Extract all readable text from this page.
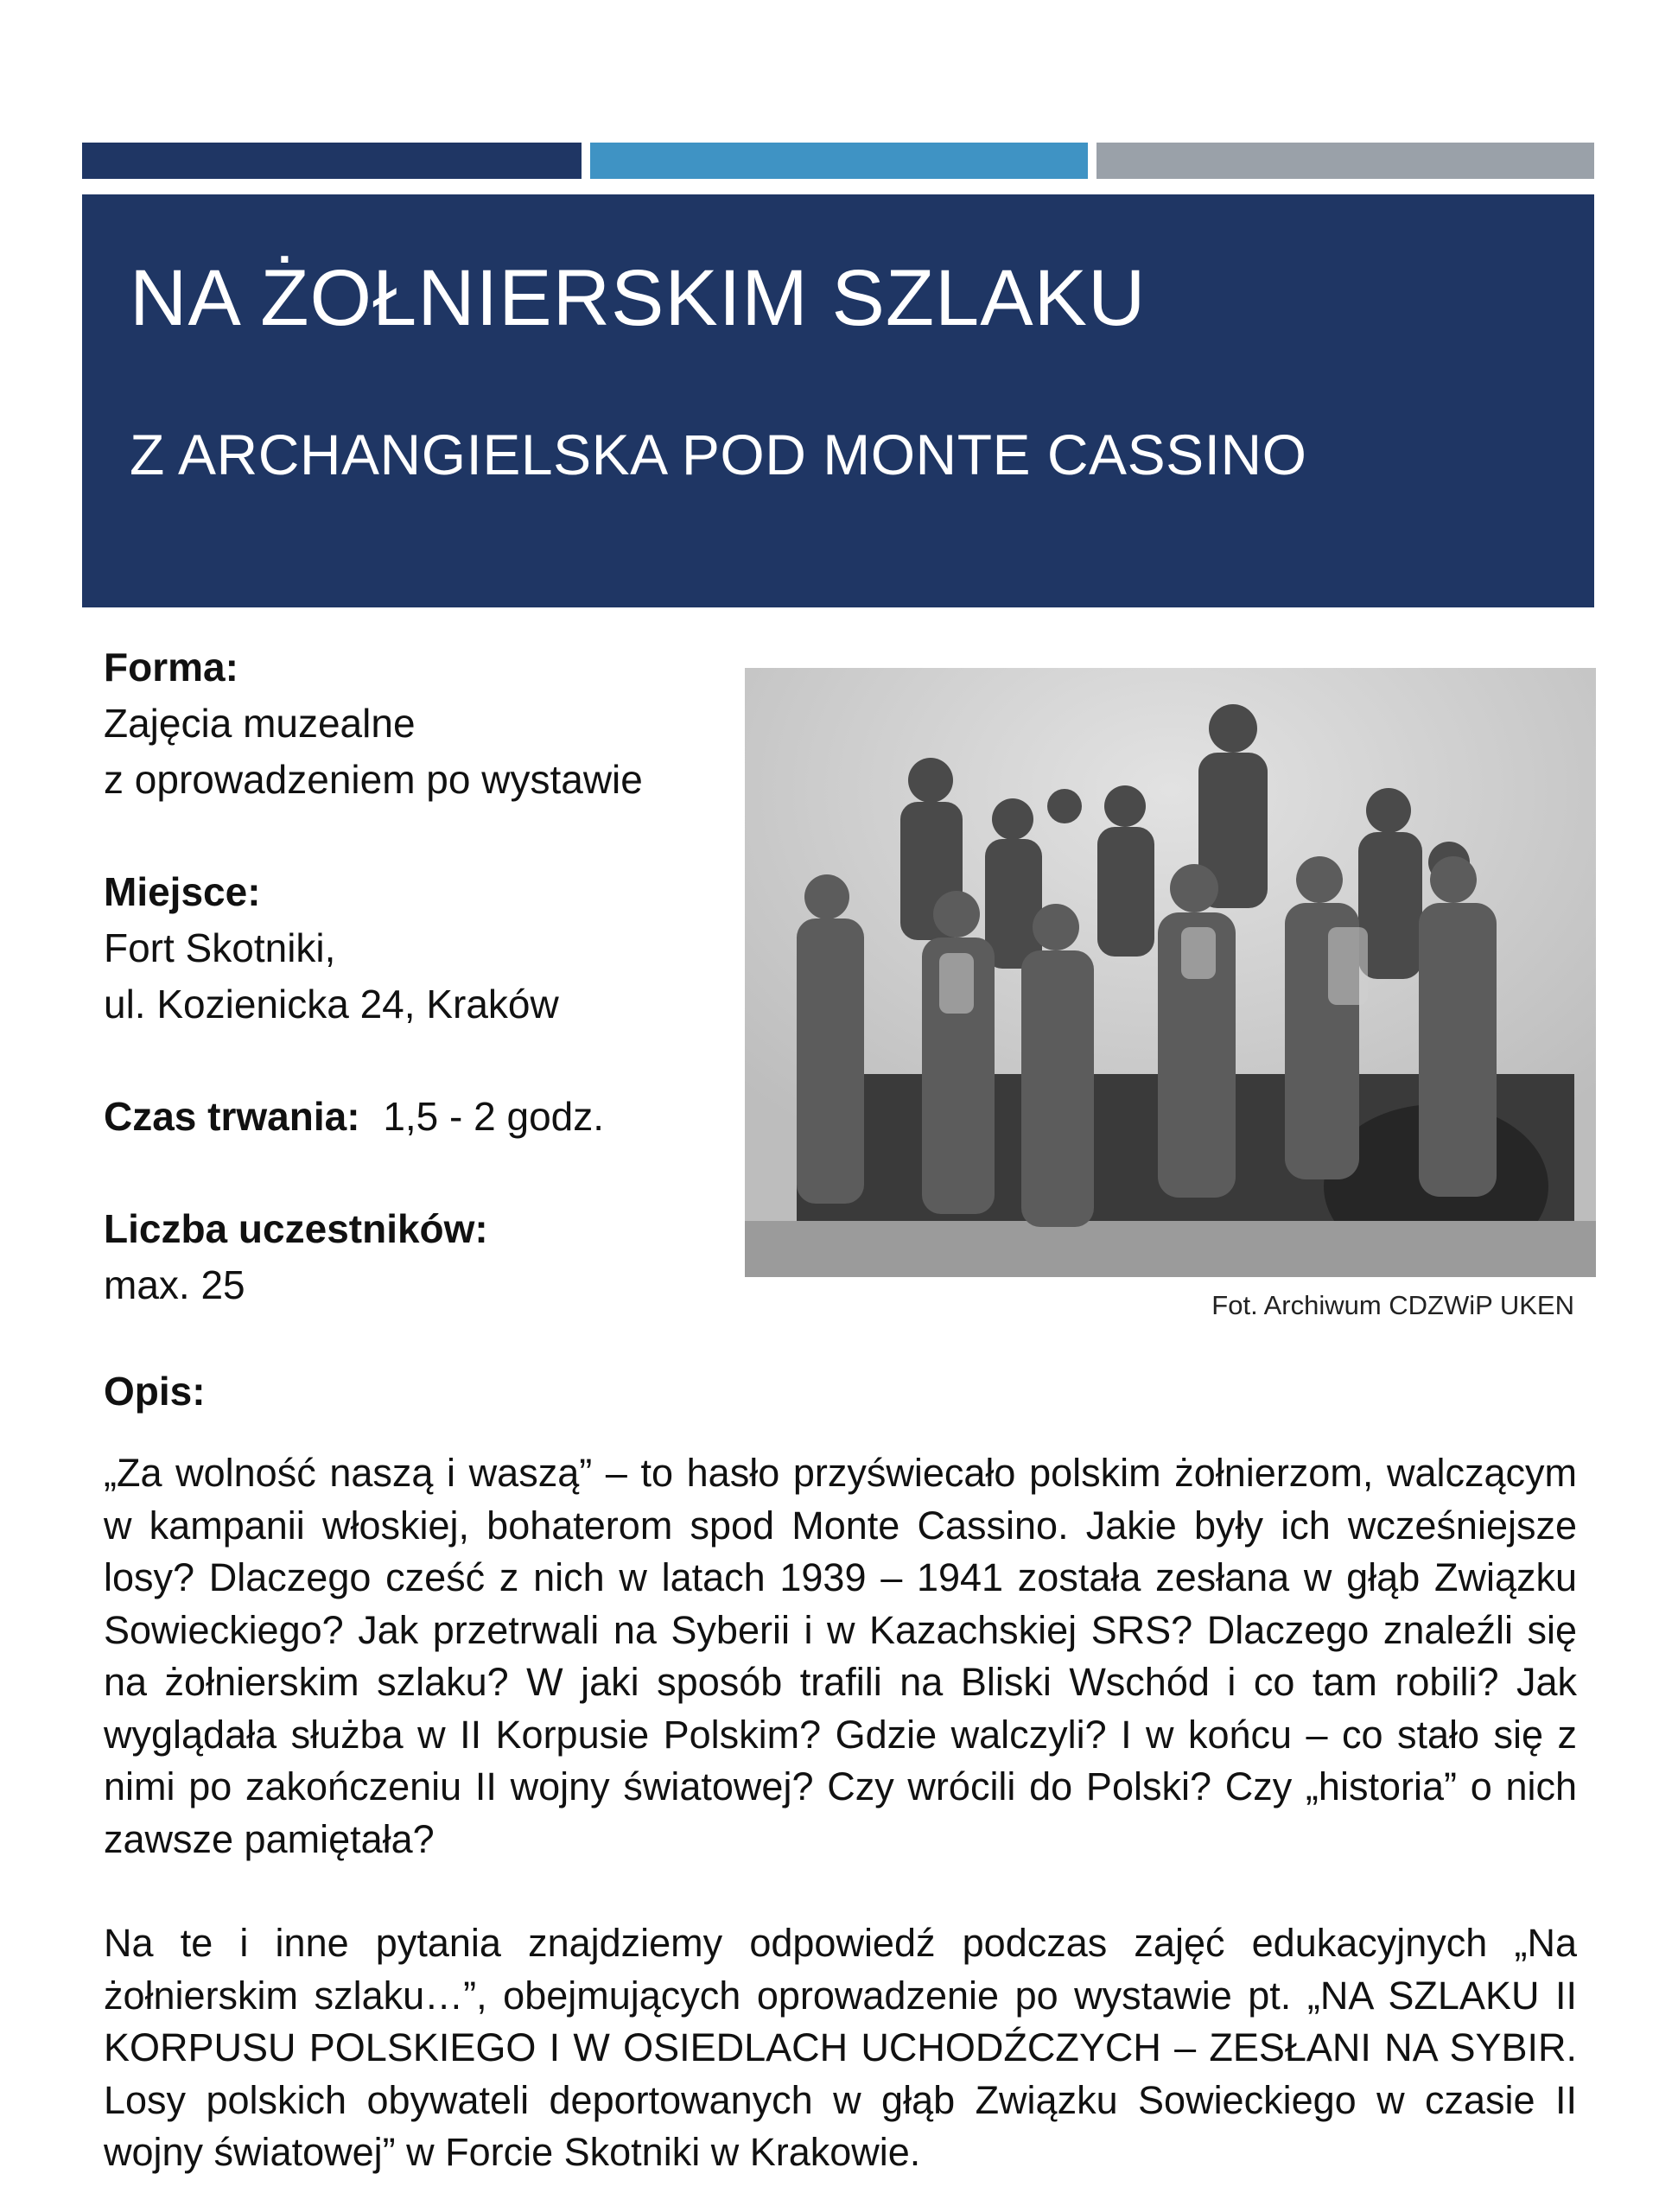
NA ŻOŁNIERSKIM SZLAKU
Z ARCHANGIELSKA POD MONTE CASSINO
Forma:
Zajęcia muzealne
z oprowadzeniem po wystawie
Miejsce:
Fort Skotniki,
ul. Kozienicka 24, Kraków
Czas trwania: 1,5 - 2 godz.
Liczba uczestników:
max. 25	Fot. Archiwum CDZWiP UKEN
Opis:

„Za wolność naszą i waszą” – to hasło przyświecało polskim żołnierzom, walczącym w kampanii włoskiej, bohaterom spod Monte Cassino. Jakie były ich wcześniejsze losy? Dlaczego cześć z nich w latach 1939 – 1941 została zesłana w głąb Związku Sowieckiego? Jak przetrwali na Syberii i w Kazachskiej SRS? Dlaczego znaleźli się na żołnierskim szlaku? W jaki sposób trafili na Bliski Wschód i co tam robili? Jak wyglądała służba w II Korpusie Polskim? Gdzie walczyli? I w końcu – co stało się z nimi po zakończeniu II wojny światowej? Czy wrócili do Polski? Czy „historia” o nich zawsze pamiętała?

Na te i inne pytania znajdziemy odpowiedź podczas zajęć edukacyjnych „Na żołnierskim szlaku…”, obejmujących oprowadzenie po wystawie pt. „NA SZLAKU II KORPUSU POLSKIEGO I W OSIEDLACH UCHODŹCZYCH – ZESŁANI NA SYBIR. Losy polskich obywateli deportowanych w głąb Związku Sowieckiego w czasie II wojny światowej” w Forcie Skotniki w Krakowie.
